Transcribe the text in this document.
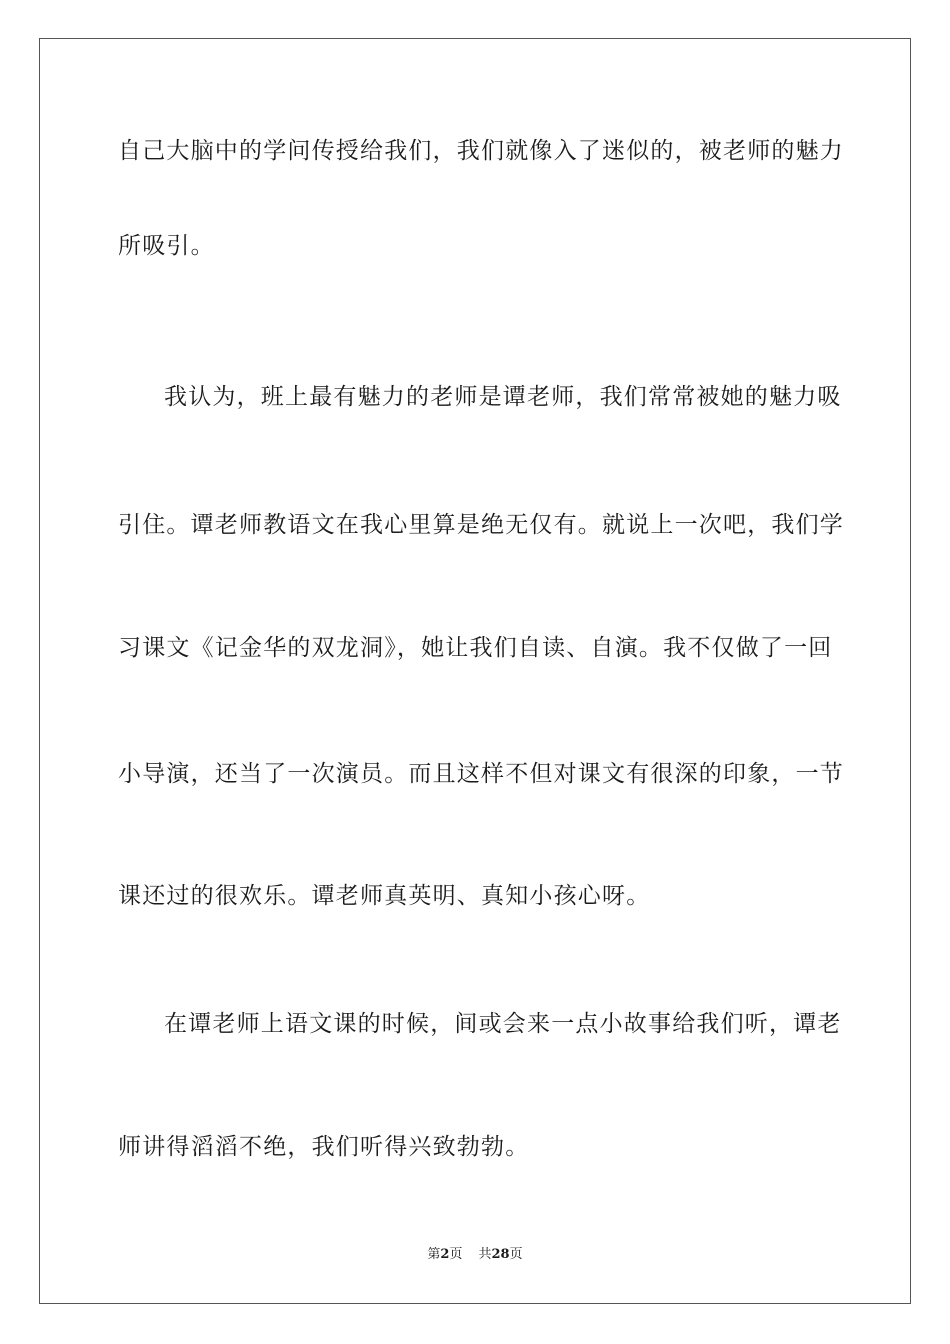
自己大脑中的学问传授给我们，我们就像入了迷似的，被老师的魅力
所吸引。
我认为，班上最有魅力的老师是谭老师，我们常常被她的魅力吸
引住。谭老师教语文在我心里算是绝无仅有。就说上一次吧，我们学
习课文《记金华的双龙洞》，她让我们自读、自演。我不仅做了一回
小导演，还当了一次演员。而且这样不但对课文有很深的印象，一节
课还过的很欢乐。谭老师真英明、真知小孩心呀。
在谭老师上语文课的时候，间或会来一点小故事给我们听，谭老
师讲得滔滔不绝，我们听得兴致勃勃。
第2页 共28页
